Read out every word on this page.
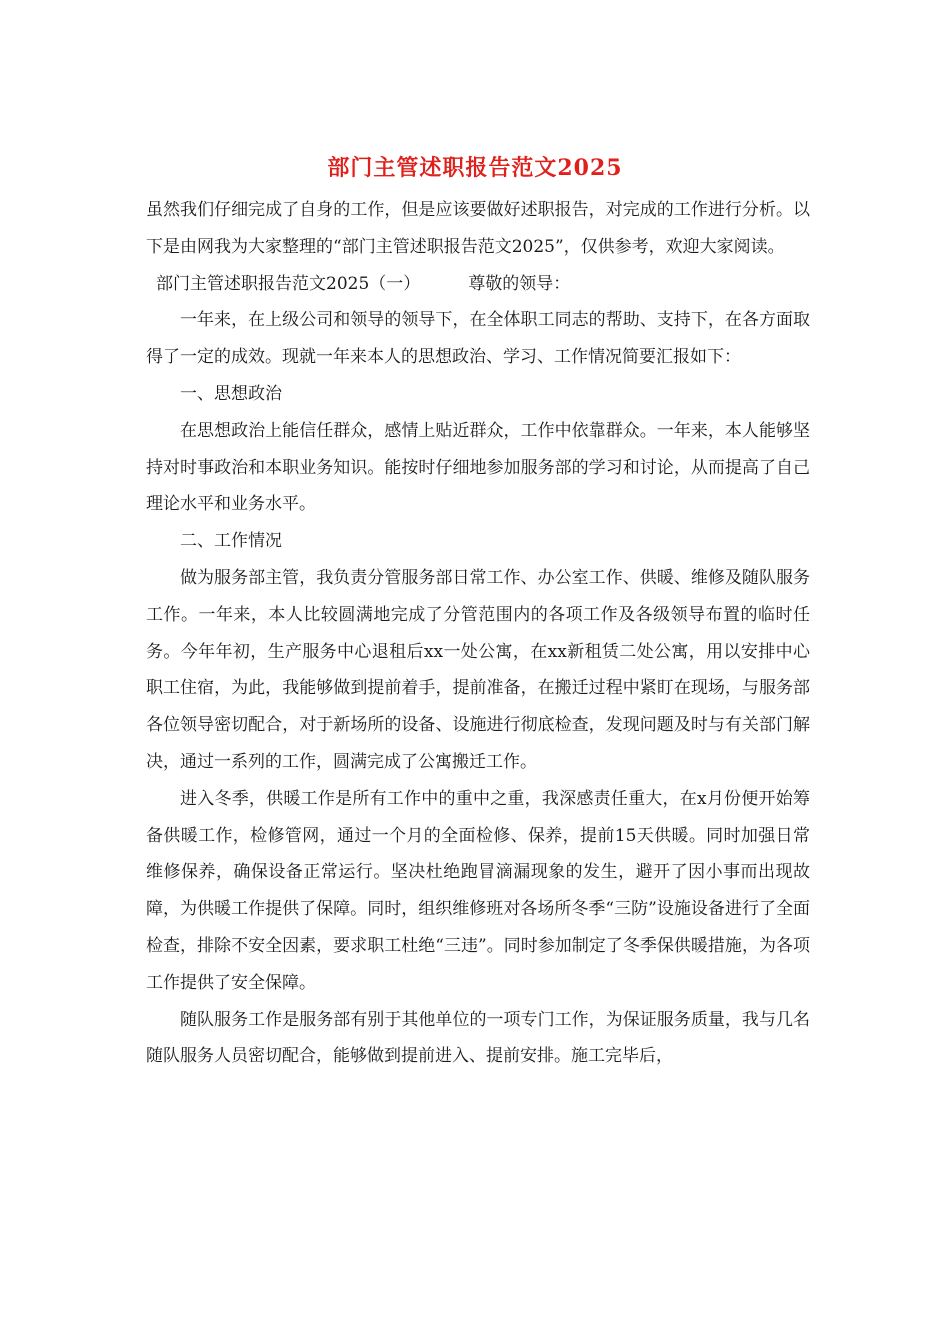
部门主管述职报告范文2025

虽然我们仔细完成了自身的工作，但是应该要做好述职报告，对完成的工作进行分析。以下是由网我为大家整理的“部门主管述职报告范文2025”，仅供参考，欢迎大家阅读。

部门主管述职报告范文2025（一）	尊敬的领导：

一年来，在上级公司和领导的领导下，在全体职工同志的帮助、支持下，在各方面取得了一定的成效。现就一年来本人的思想政治、学习、工作情况简要汇报如下：

一、思想政治

在思想政治上能信任群众，感情上贴近群众，工作中依靠群众。一年来，本人能够坚持对时事政治和本职业务知识。能按时仔细地参加服务部的学习和讨论，从而提高了自己理论水平和业务水平。

二、工作情况

做为服务部主管，我负责分管服务部日常工作、办公室工作、供暖、维修及随队服务工作。一年来，本人比较圆满地完成了分管范围内的各项工作及各级领导布置的临时任务。今年年初，生产服务中心退租后xx一处公寓，在xx新租赁二处公寓，用以安排中心职工住宿，为此，我能够做到提前着手，提前准备，在搬迁过程中紧盯在现场，与服务部各位领导密切配合，对于新场所的设备、设施进行彻底检查，发现问题及时与有关部门解决，通过一系列的工作，圆满完成了公寓搬迁工作。

进入冬季，供暖工作是所有工作中的重中之重，我深感责任重大，在x月份便开始筹备供暖工作，检修管网，通过一个月的全面检修、保养，提前15天供暖。同时加强日常维修保养，确保设备正常运行。坚决杜绝跑冒滴漏现象的发生，避开了因小事而出现故障，为供暖工作提供了保障。同时，组织维修班对各场所冬季“三防”设施设备进行了全面检查，排除不安全因素，要求职工杜绝“三违”。同时参加制定了冬季保供暖措施，为各项工作提供了安全保障。

随队服务工作是服务部有别于其他单位的一项专门工作，为保证服务质量，我与几名随队服务人员密切配合，能够做到提前进入、提前安排。施工完毕后，
